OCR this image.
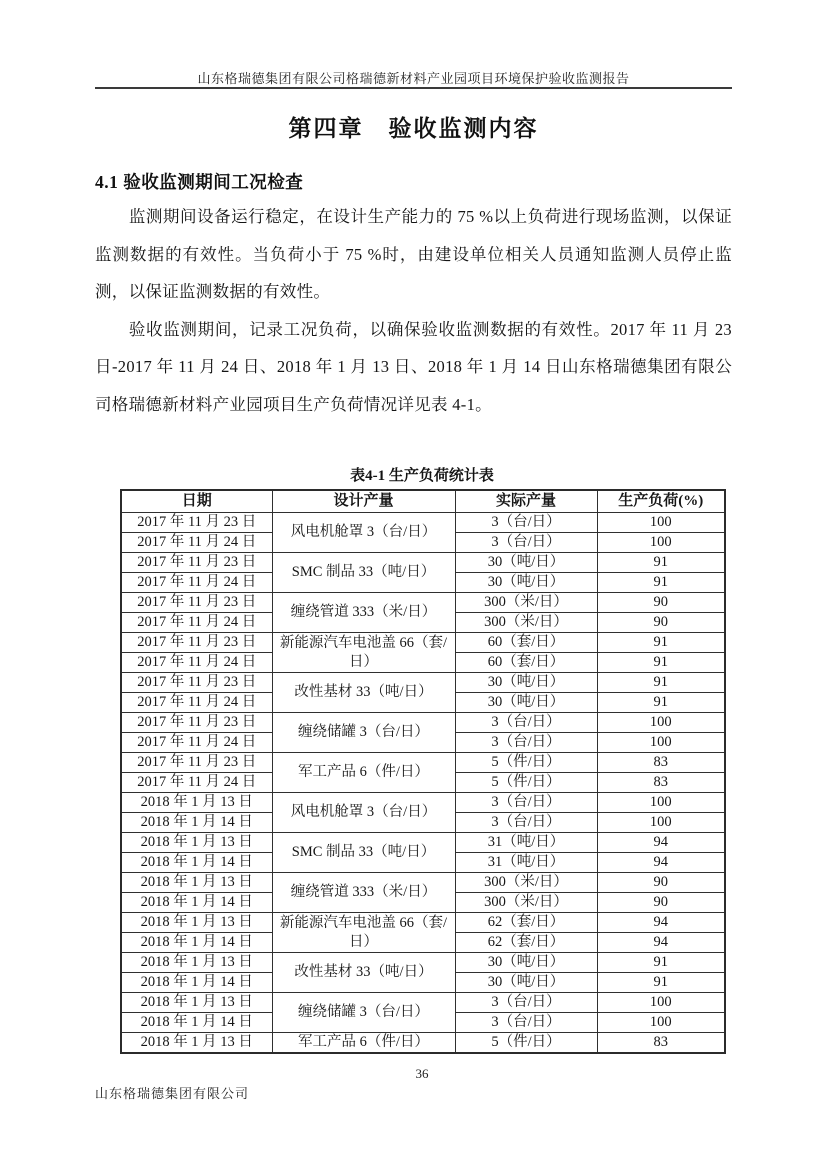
山东格瑞德集团有限公司格瑞德新材料产业园项目环境保护验收监测报告
第四章　验收监测内容
4.1 验收监测期间工况检查

监测期间设备运行稳定，在设计生产能力的 75 %以上负荷进行现场监测，以保证监测数据的有效性。当负荷小于 75 %时，由建设单位相关人员通知监测人员停止监测，以保证监测数据的有效性。

验收监测期间，记录工况负荷，以确保验收监测数据的有效性。2017 年 11 月 23 日-2017 年 11 月 24 日、2018 年 1 月 13 日、2018 年 1 月 14 日山东格瑞德集团有限公司格瑞德新材料产业园项目生产负荷情况详见表 4-1。

表4-1 生产负荷统计表
日期	设计产量	实际产量	生产负荷(%)
2017 年 11 月 23 日	风电机舱罩 3（台/日）	3（台/日）	100
2017 年 11 月 24 日		3（台/日）	100
2017 年 11 月 23 日	SMC 制品 33（吨/日）	30（吨/日）	91
2017 年 11 月 24 日		30（吨/日）	91
2017 年 11 月 23 日	缠绕管道 333（米/日）	300（米/日）	90
2017 年 11 月 24 日		300（米/日）	90
2017 年 11 月 23 日	新能源汽车电池盖 66（套/日）	60（套/日）	91
2017 年 11 月 24 日		60（套/日）	91
2017 年 11 月 23 日	改性基材 33（吨/日）	30（吨/日）	91
2017 年 11 月 24 日		30（吨/日）	91
2017 年 11 月 23 日	缠绕储罐 3（台/日）	3（台/日）	100
2017 年 11 月 24 日		3（台/日）	100
2017 年 11 月 23 日	军工产品 6（件/日）	5（件/日）	83
2017 年 11 月 24 日		5（件/日）	83
2018 年 1 月 13 日	风电机舱罩 3（台/日）	3（台/日）	100
2018 年 1 月 14 日		3（台/日）	100
2018 年 1 月 13 日	SMC 制品 33（吨/日）	31（吨/日）	94
2018 年 1 月 14 日		31（吨/日）	94
2018 年 1 月 13 日	缠绕管道 333（米/日）	300（米/日）	90
2018 年 1 月 14 日		300（米/日）	90
2018 年 1 月 13 日	新能源汽车电池盖 66（套/日）	62（套/日）	94
2018 年 1 月 14 日		62（套/日）	94
2018 年 1 月 13 日	改性基材 33（吨/日）	30（吨/日）	91
2018 年 1 月 14 日		30（吨/日）	91
2018 年 1 月 13 日	缠绕储罐 3（台/日）	3（台/日）	100
2018 年 1 月 14 日		3（台/日）	100
2018 年 1 月 13 日	军工产品 6（件/日）	5（件/日）	83
36
山东格瑞德集团有限公司
